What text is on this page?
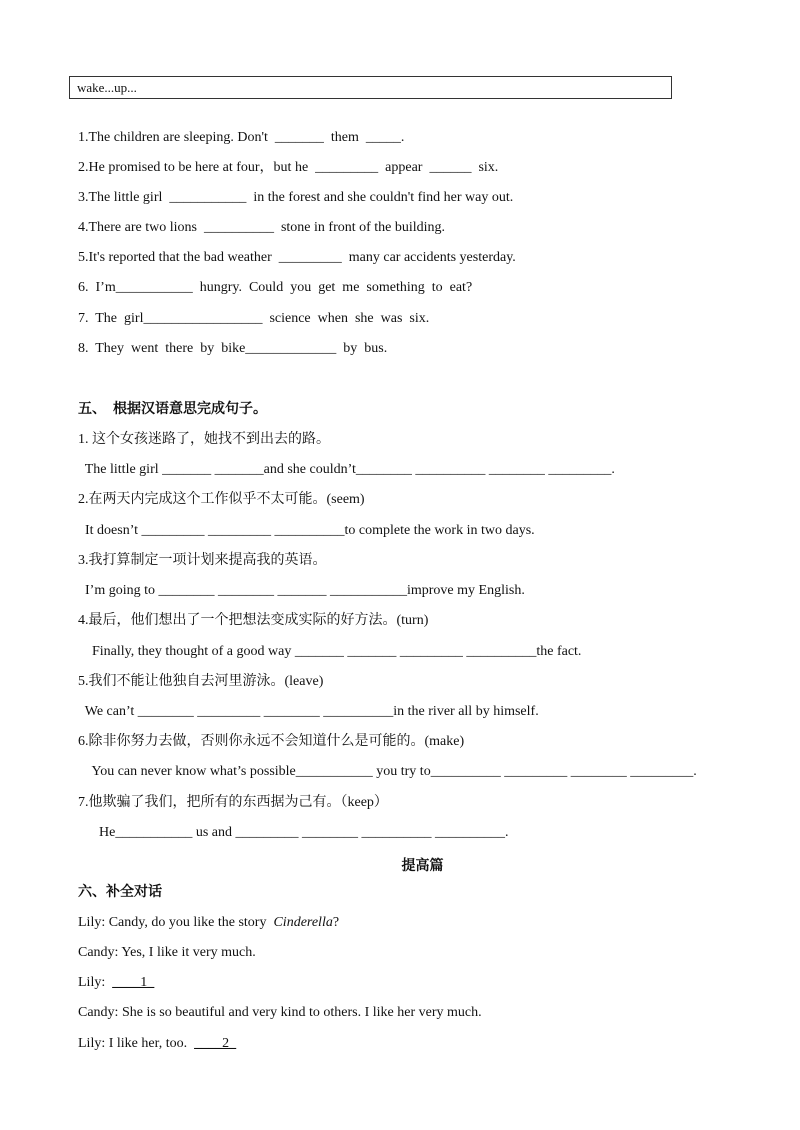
wake...up...
1.The children are sleeping. Don't  _______  them  _____.
2.He promised to be here at four，but he  _________  appear  ______  six.
3.The little girl  ___________  in the forest and she couldn't find her way out.
4.There are two lions  __________  stone in front of the building.
5.It's reported that the bad weather  _________  many car accidents yesterday.
6.  I’m___________  hungry.  Could  you  get  me  something  to  eat?
7.  The  girl_________________  science  when  she  was  six.
8.  They  went  there  by  bike_____________  by  bus.
五、  根据汉语意思完成句子。
1. 这个女孩迷路了，她找不到出去的路。
The little girl _______ _______and she couldn’t________ __________ ________ _________.
2.在两天内完成这个工作似乎不太可能。(seem)
It doesn’t _________ _________ __________to complete the work in two days.
3.我打算制定一项计划来提高我的英语。
I’m going to ________ ________ _______ ___________improve my English.
4.最后，他们想出了一个把想法变成实际的好方法。(turn)
Finally, they thought of a good way _______ _______ _________ __________the fact.
5.我们不能让他独自去河里游泳。(leave)
We can’t ________ _________ ________ __________in the river all by himself.
6.除非你努力去做，否则你永远不会知道什么是可能的。(make)
You can never know what’s possible___________ you try to__________ _________ ________ _________.
7.他欺骗了我们，把所有的东西据为己有。（keep）
He___________ us and _________ ________ __________ __________.
提高篇
六、补全对话
Lily: Candy, do you like the story  Cinderella?
Candy: Yes, I like it very much.
Lily:  ____1_
Candy: She is so beautiful and very kind to others. I like her very much.
Lily: I like her, too.  ____2_
